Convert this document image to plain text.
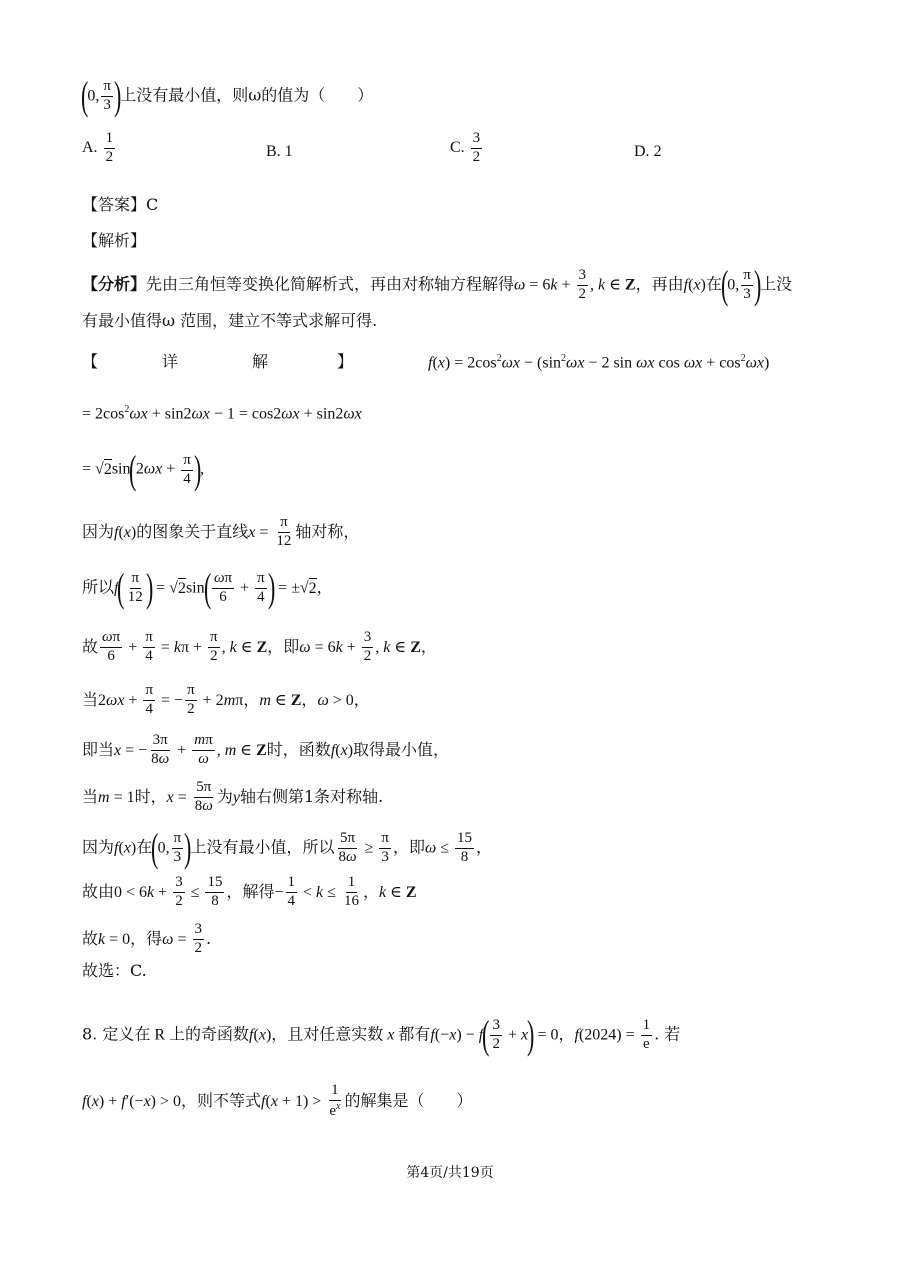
(0, $\frac{\pi}{3}$ )上没有最小值，则ω的值为（　　）
A. $\frac{1}{2}$	B. 1	C. $\frac{3}{2}$	D. 2
【答案】C
【解析】
【分析】先由三角恒等变换化简解析式，再由对称轴方程解得$\omega = 6k + \frac{3}{2}$ , k ∈ Z，再由f(x)在(0, $\frac{\pi}{3}$ )上没
有最小值得ω 范围，建立不等式求解可得.
【	详	解	】	$f(x) = 2\cos^2\omega x - (\sin^2\omega x - 2$ sin ωx $\cos \omega x + \cos^2\omega x$)
= $2\cos^2\omega x + \sin 2\omega x - 1 = \cos 2\omega x + \sin 2\omega x$
= $√2\sin(2\omega x + \frac{\pi}{4}$ ),
因为f(x)的图象关于直线$x = \frac{\pi}{12}$ 轴对称，
所以$f( \frac{\pi}{12}$ ) = $√2\sin( \frac{\omega\pi}{6} + \frac{\pi}{4}$ ) = ±√2，
故 $\frac{\omega\pi}{6} + \frac{\pi}{4} = k\pi + \frac{\pi}{2}$ , k ∈ Z，即$\omega = 6k + \frac{3}{2}$ , k ∈ Z，
当$2\omega x + \frac{\pi}{4}$ = − $\frac{\pi}{2} + 2m\pi$，m ∈ Z，ω > 0，
即当x = − $\frac{3\pi}{8\omega} + \frac{m\pi}{\omega}$ , m ∈ Z时，函数f(x)取得最小值，
当m = 1时，$x = \frac{5\pi}{8\omega}$ 为y轴右侧第1条对称轴.
因为f(x)在(0, $\frac{\pi}{3}$ )上没有最小值，所以 $\frac{5\pi}{8\omega} \ge \frac{\pi}{3}$ ，即$\omega \le \frac{15}{8}$ ，
故由$0 < 6k + \frac{3}{2} \le \frac{15}{8}$ ，解得− $\frac{1}{4} < k \le \frac{1}{16}$ ，k ∈ Z
故k = 0，得$\omega = \frac{3}{2}$ .
故选：C.
8. 定义在 R 上的奇函数f(x)，且对任意实数 x 都有$f(-x) - f( \frac{3}{2} + x) = 0$，$f(2024) = \frac{1}{e}$ . 若
f(x) + f′(−x) > 0，则不等式$f(x + 1) > \frac{1}{e^x}$ 的解集是（　　）
第4页/共19页
